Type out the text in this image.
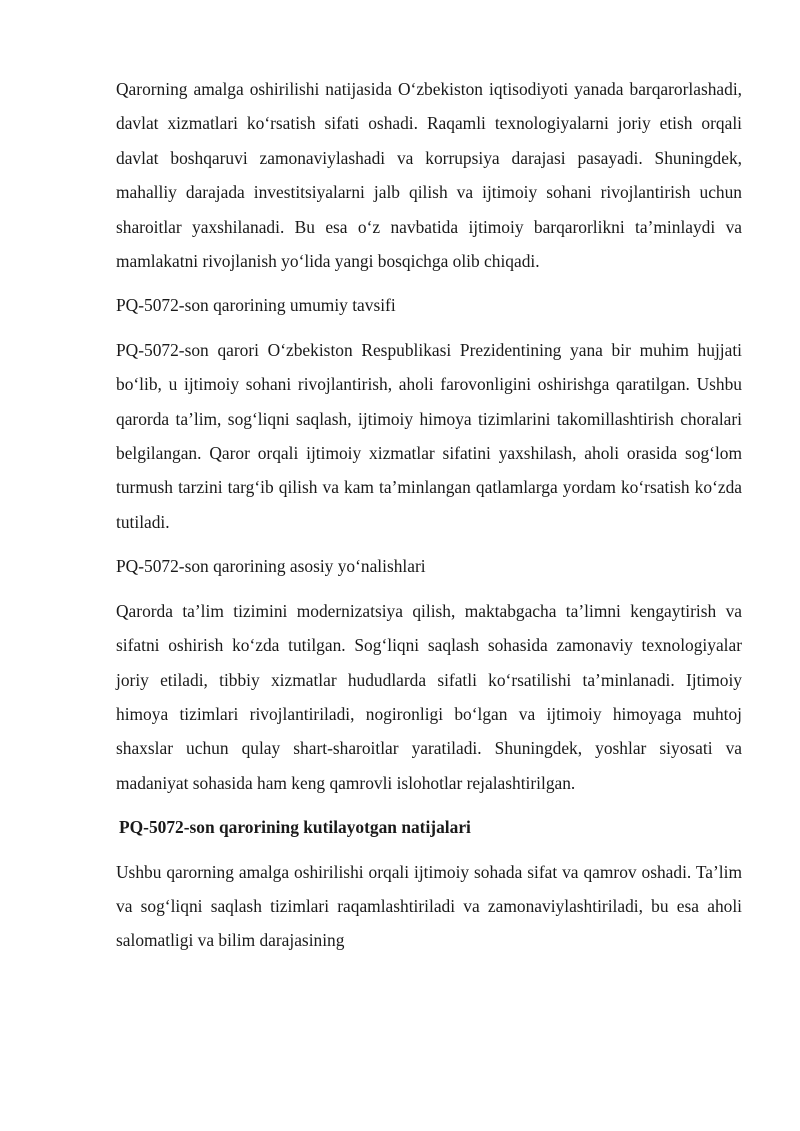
Qarorning amalga oshirilishi natijasida O‘zbekiston iqtisodiyoti yanada barqarorlashadi, davlat xizmatlari ko‘rsatish sifati oshadi. Raqamli texnologiyalarni joriy etish orqali davlat boshqaruvi zamonaviylashadi va korrupsiya darajasi pasayadi. Shuningdek, mahalliy darajada investitsiyalarni jalb qilish va ijtimoiy sohani rivojlantirish uchun sharoitlar yaxshilanadi. Bu esa o‘z navbatida ijtimoiy barqarorlikni ta’minlaydi va mamlakatni rivojlanish yo‘lida yangi bosqichga olib chiqadi.

PQ-5072-son qarorining umumiy tavsifi

PQ-5072-son qarori O‘zbekiston Respublikasi Prezidentining yana bir muhim hujjati bo‘lib, u ijtimoiy sohani rivojlantirish, aholi farovonligini oshirishga qaratilgan. Ushbu qarorda ta’lim, sog‘liqni saqlash, ijtimoiy himoya tizimlarini takomillashtirish choralari belgilangan. Qaror orqali ijtimoiy xizmatlar sifatini yaxshilash, aholi orasida sog‘lom turmush tarzini targ‘ib qilish va kam ta’minlangan qatlamlarga yordam ko‘rsatish ko‘zda tutiladi.

PQ-5072-son qarorining asosiy yo‘nalishlari

Qarorda ta’lim tizimini modernizatsiya qilish, maktabgacha ta’limni kengaytirish va sifatni oshirish ko‘zda tutilgan. Sog‘liqni saqlash sohasida zamonaviy texnologiyalar joriy etiladi, tibbiy xizmatlar hududlarda sifatli ko‘rsatilishi ta’minlanadi. Ijtimoiy himoya tizimlari rivojlantiriladi, nogironligi bo‘lgan va ijtimoiy himoyaga muhtoj shaxslar uchun qulay shart-sharoitlar yaratiladi. Shuningdek, yoshlar siyosati va madaniyat sohasida ham keng qamrovli islohotlar rejalashtirilgan.

PQ-5072-son qarorining kutilayotgan natijalari

Ushbu qarorning amalga oshirilishi orqali ijtimoiy sohada sifat va qamrov oshadi. Ta’lim va sog‘liqni saqlash tizimlari raqamlashtiriladi va zamonaviylashtiriladi, bu esa aholi salomatligi va bilim darajasining
